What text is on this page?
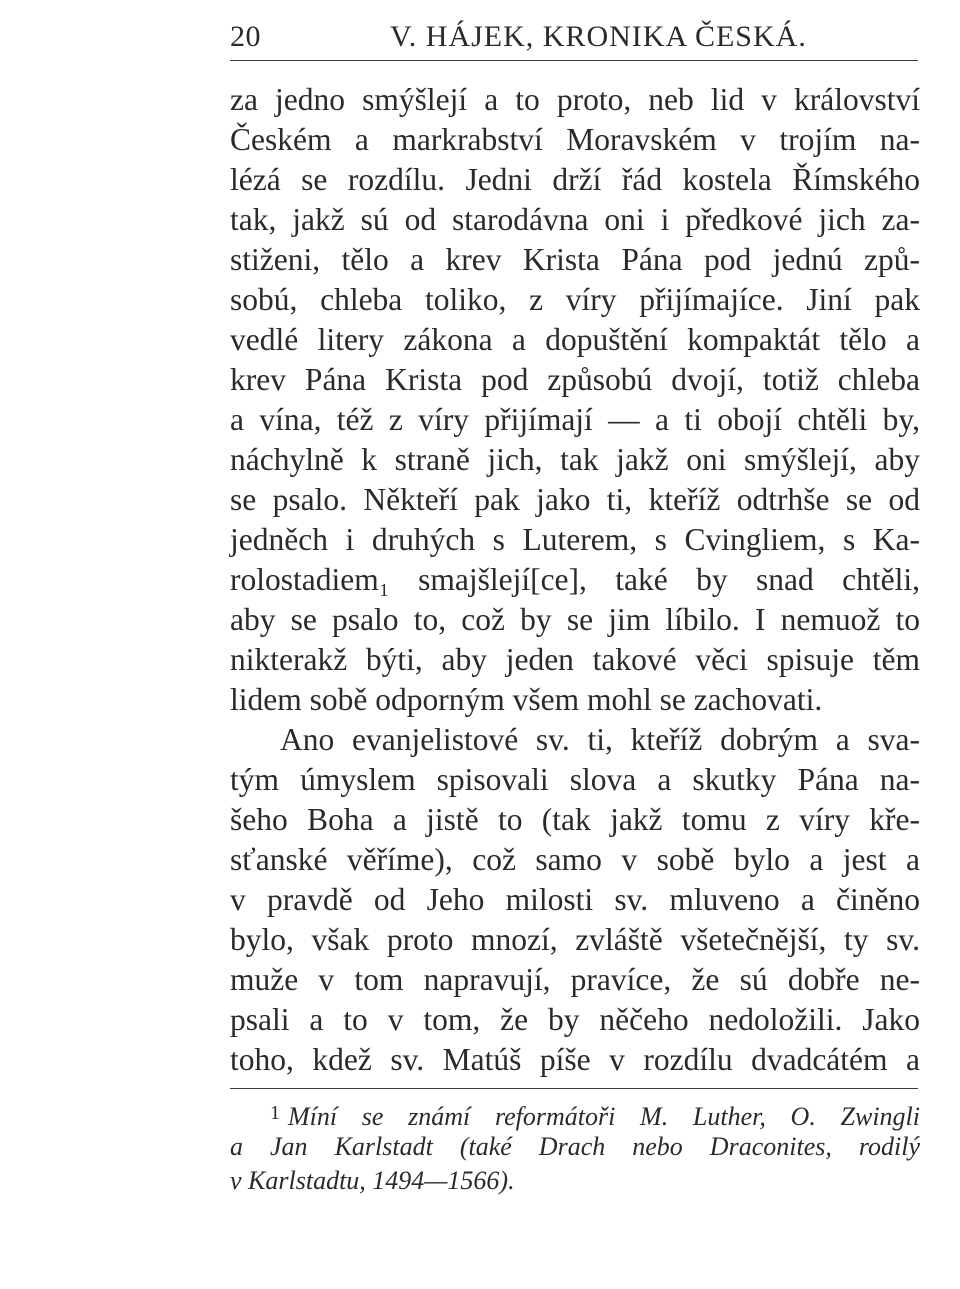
20	V. HÁJEK, KRONIKA ČESKÁ.
za jedno smýšlejí a to proto, neb lid v království
Českém a markrabství Moravském v trojím na-
lézá se rozdílu. Jedni drží řád kostela Římského
tak, jakž sú od starodávna oni i předkové jich za-
stiženi, tělo a krev Krista Pána pod jednú způ-
sobú, chleba toliko, z víry přijímajíce. Jiní pak
vedlé litery zákona a dopuštění kompaktát tělo a
krev Pána Krista pod způsobú dvojí, totiž chleba
a vína, též z víry přijímají — a ti obojí chtěli by,
náchylně k straně jich, tak jakž oni smýšlejí, aby
se psalo. Někteří pak jako ti, kteříž odtrhše se od
jedněch i druhých s Luterem, s Cvingliem, s Ka-
rolostadiem₁ smajšlejí[ce], také by snad chtěli,
aby se psalo to, což by se jim líbilo. I nemuož to
nikterakž býti, aby jeden takové věci spisuje těm
lidem sobě odporným všem mohl se zachovati.
Ano evanjelistové sv. ti, kteříž dobrým a sva-
tým úmyslem spisovali slova a skutky Pána na-
šeho Boha a jistě to (tak jakž tomu z víry kře-
sťanské věříme), což samo v sobě bylo a jest a
v pravdě od Jeho milosti sv. mluveno a činěno
bylo, však proto mnozí, zvláště všetečnější, ty sv.
muže v tom napravují, pravíce, že sú dobře ne-
psali a to v tom, že by něčeho nedoložili. Jako
toho, kdež sv. Matúš píše v rozdílu dvadcátém a
$^1$ Míní se známí reformátoři M. Luther, O. Zwingli
a Jan Karlstadt (také Drach nebo Draconites, rodilý
v Karlstadtu, 1494—1566).
